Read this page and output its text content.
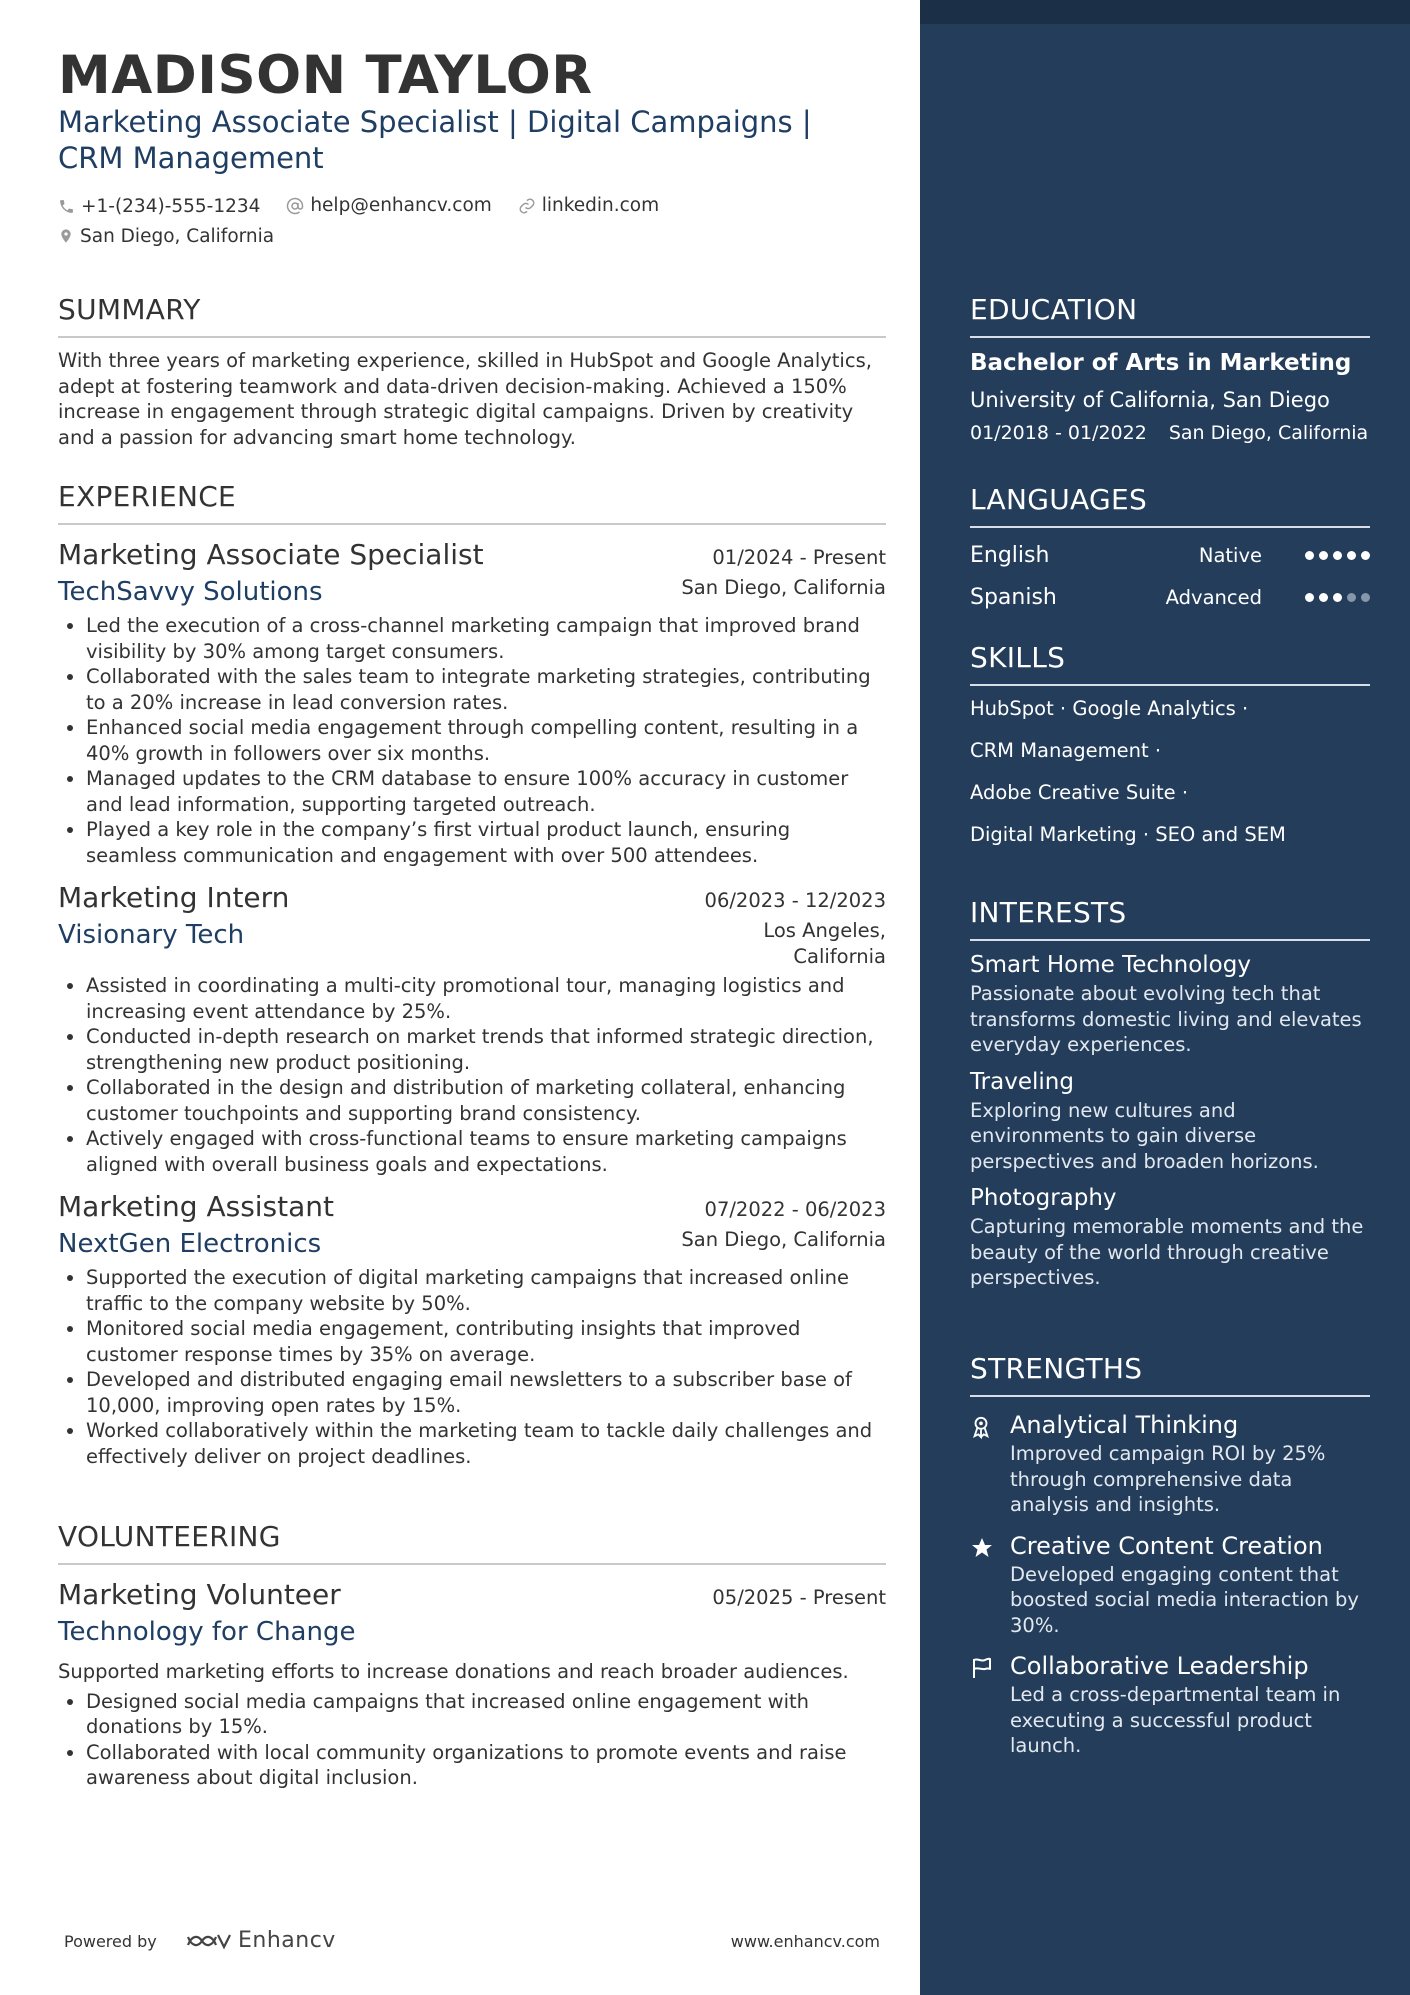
MADISON TAYLOR
Marketing Associate Specialist | Digital Campaigns | CRM Management
+1-(234)-555-1234
	help@enhancv.com
	linkedin.com

San Diego, California
SUMMARY
With three years of marketing experience, skilled in HubSpot and Google Analytics, adept at fostering teamwork and data-driven decision-making. Achieved a 150% increase in engagement through strategic digital campaigns. Driven by creativity and a passion for advancing smart home technology.
EXPERIENCE
Marketing Associate Specialist	01/2024 - Present
TechSavvy Solutions	San Diego, California
• Led the execution of a cross-channel marketing campaign that improved brand visibility by 30% among target consumers.
• Collaborated with the sales team to integrate marketing strategies, contributing to a 20% increase in lead conversion rates.
• Enhanced social media engagement through compelling content, resulting in a 40% growth in followers over six months.
• Managed updates to the CRM database to ensure 100% accuracy in customer and lead information, supporting targeted outreach.
• Played a key role in the company’s first virtual product launch, ensuring seamless communication and engagement with over 500 attendees.
Marketing Intern	06/2023 - 12/2023
Visionary Tech	Los Angeles, California
• Assisted in coordinating a multi-city promotional tour, managing logistics and increasing event attendance by 25%.
• Conducted in-depth research on market trends that informed strategic direction, strengthening new product positioning.
• Collaborated in the design and distribution of marketing collateral, enhancing customer touchpoints and supporting brand consistency.
• Actively engaged with cross-functional teams to ensure marketing campaigns aligned with overall business goals and expectations.
Marketing Assistant	07/2022 - 06/2023
NextGen Electronics	San Diego, California
• Supported the execution of digital marketing campaigns that increased online traffic to the company website by 50%.
• Monitored social media engagement, contributing insights that improved customer response times by 35% on average.
• Developed and distributed engaging email newsletters to a subscriber base of 10,000, improving open rates by 15%.
• Worked collaboratively within the marketing team to tackle daily challenges and effectively deliver on project deadlines.
VOLUNTEERING
Marketing Volunteer	05/2025 - Present
Technology for Change
Supported marketing efforts to increase donations and reach broader audiences.
• Designed social media campaigns that increased online engagement with donations by 15%.
• Collaborated with local community organizations to promote events and raise awareness about digital inclusion.
Powered by	Enhancv	www.enhancv.com
EDUCATION
Bachelor of Arts in Marketing
University of California, San Diego
01/2018 - 01/2022 San Diego, California
LANGUAGES
English	Native
Spanish	Advanced
SKILLS
HubSpot · Google Analytics ·
CRM Management ·
Adobe Creative Suite ·
Digital Marketing · SEO and SEM
INTERESTS
Smart Home Technology
Passionate about evolving tech that transforms domestic living and elevates everyday experiences.
Traveling
Exploring new cultures and environments to gain diverse perspectives and broaden horizons.
Photography
Capturing memorable moments and the beauty of the world through creative perspectives.
STRENGTHS
Analytical Thinking
Improved campaign ROI by 25% through comprehensive data analysis and insights.
Creative Content Creation
Developed engaging content that boosted social media interaction by 30%.
Collaborative Leadership
Led a cross-departmental team in executing a successful product launch.
